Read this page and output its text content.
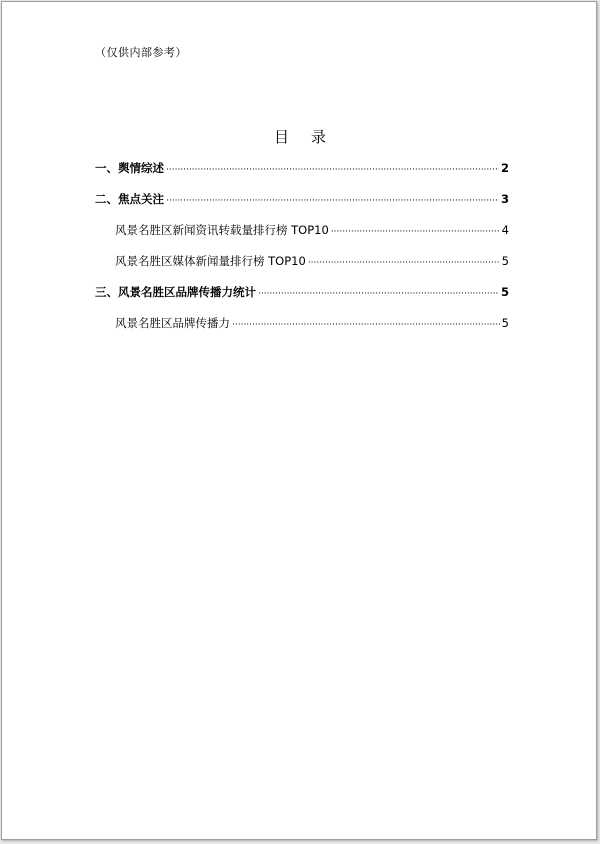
（仅供内部参考）
目录
一、舆情综述 ·····	2
二、焦点关注 ·····	3
风景名胜区新闻资讯转载量排行榜 TOP10 ·····	4
风景名胜区媒体新闻量排行榜 TOP10 ·····	5
三、风景名胜区品牌传播力统计 ·····	5
风景名胜区品牌传播力 ·····	5
